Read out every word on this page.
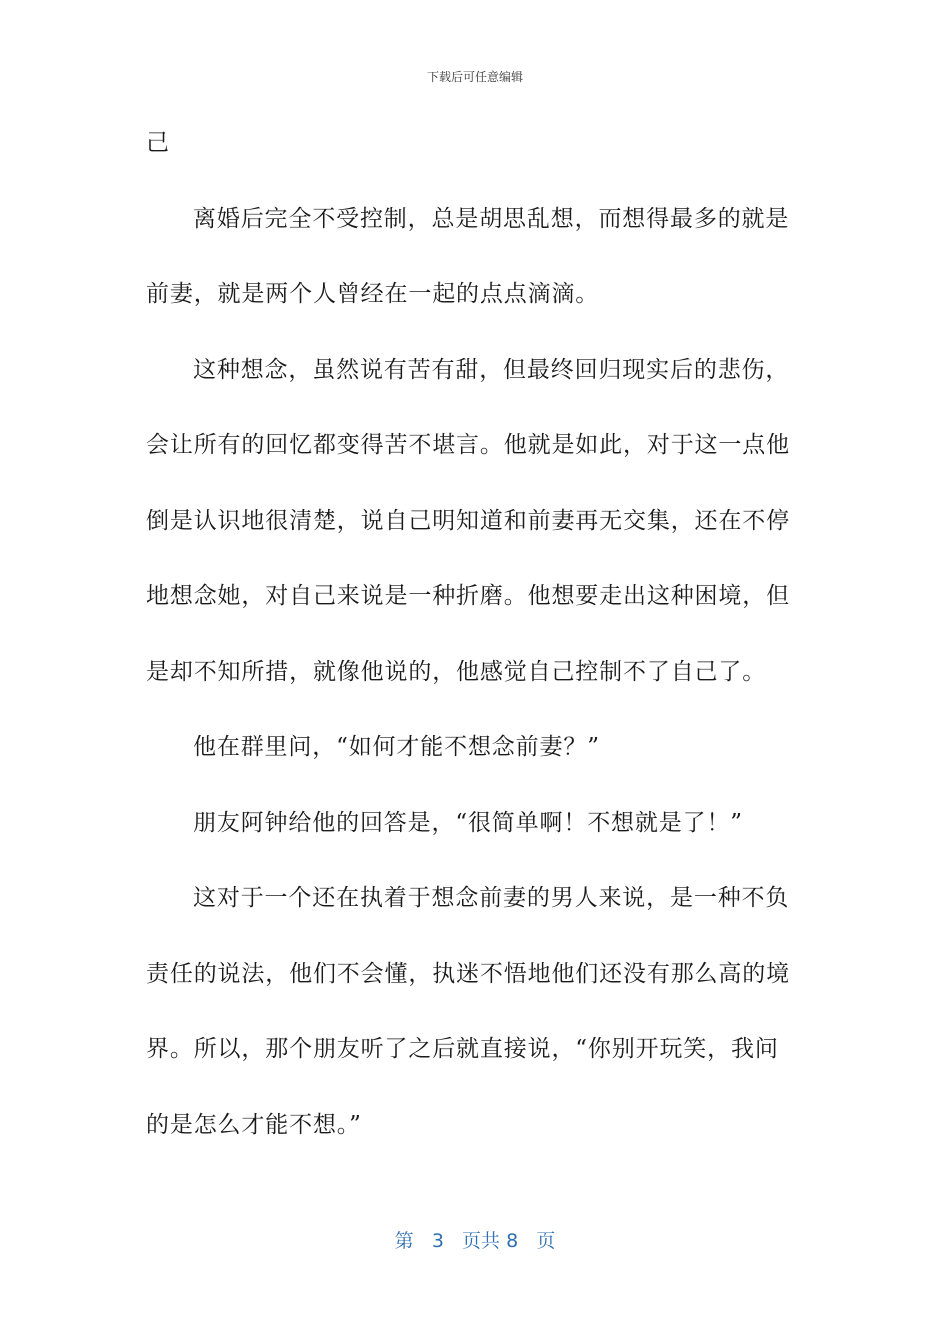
下载后可任意编辑
己
离婚后完全不受控制，总是胡思乱想，而想得最多的就是
前妻，就是两个人曾经在一起的点点滴滴。
这种想念，虽然说有苦有甜，但最终回归现实后的悲伤，
会让所有的回忆都变得苦不堪言。他就是如此，对于这一点他
倒是认识地很清楚，说自己明知道和前妻再无交集，还在不停
地想念她，对自己来说是一种折磨。他想要走出这种困境，但
是却不知所措，就像他说的，他感觉自己控制不了自己了。
他在群里问，“如何才能不想念前妻？”
朋友阿钟给他的回答是，“很简单啊！不想就是了！”
这对于一个还在执着于想念前妻的男人来说，是一种不负
责任的说法，他们不会懂，执迷不悟地他们还没有那么高的境
界。所以，那个朋友听了之后就直接说，“你别开玩笑，我问
的是怎么才能不想。”
第 3 页共 8 页
